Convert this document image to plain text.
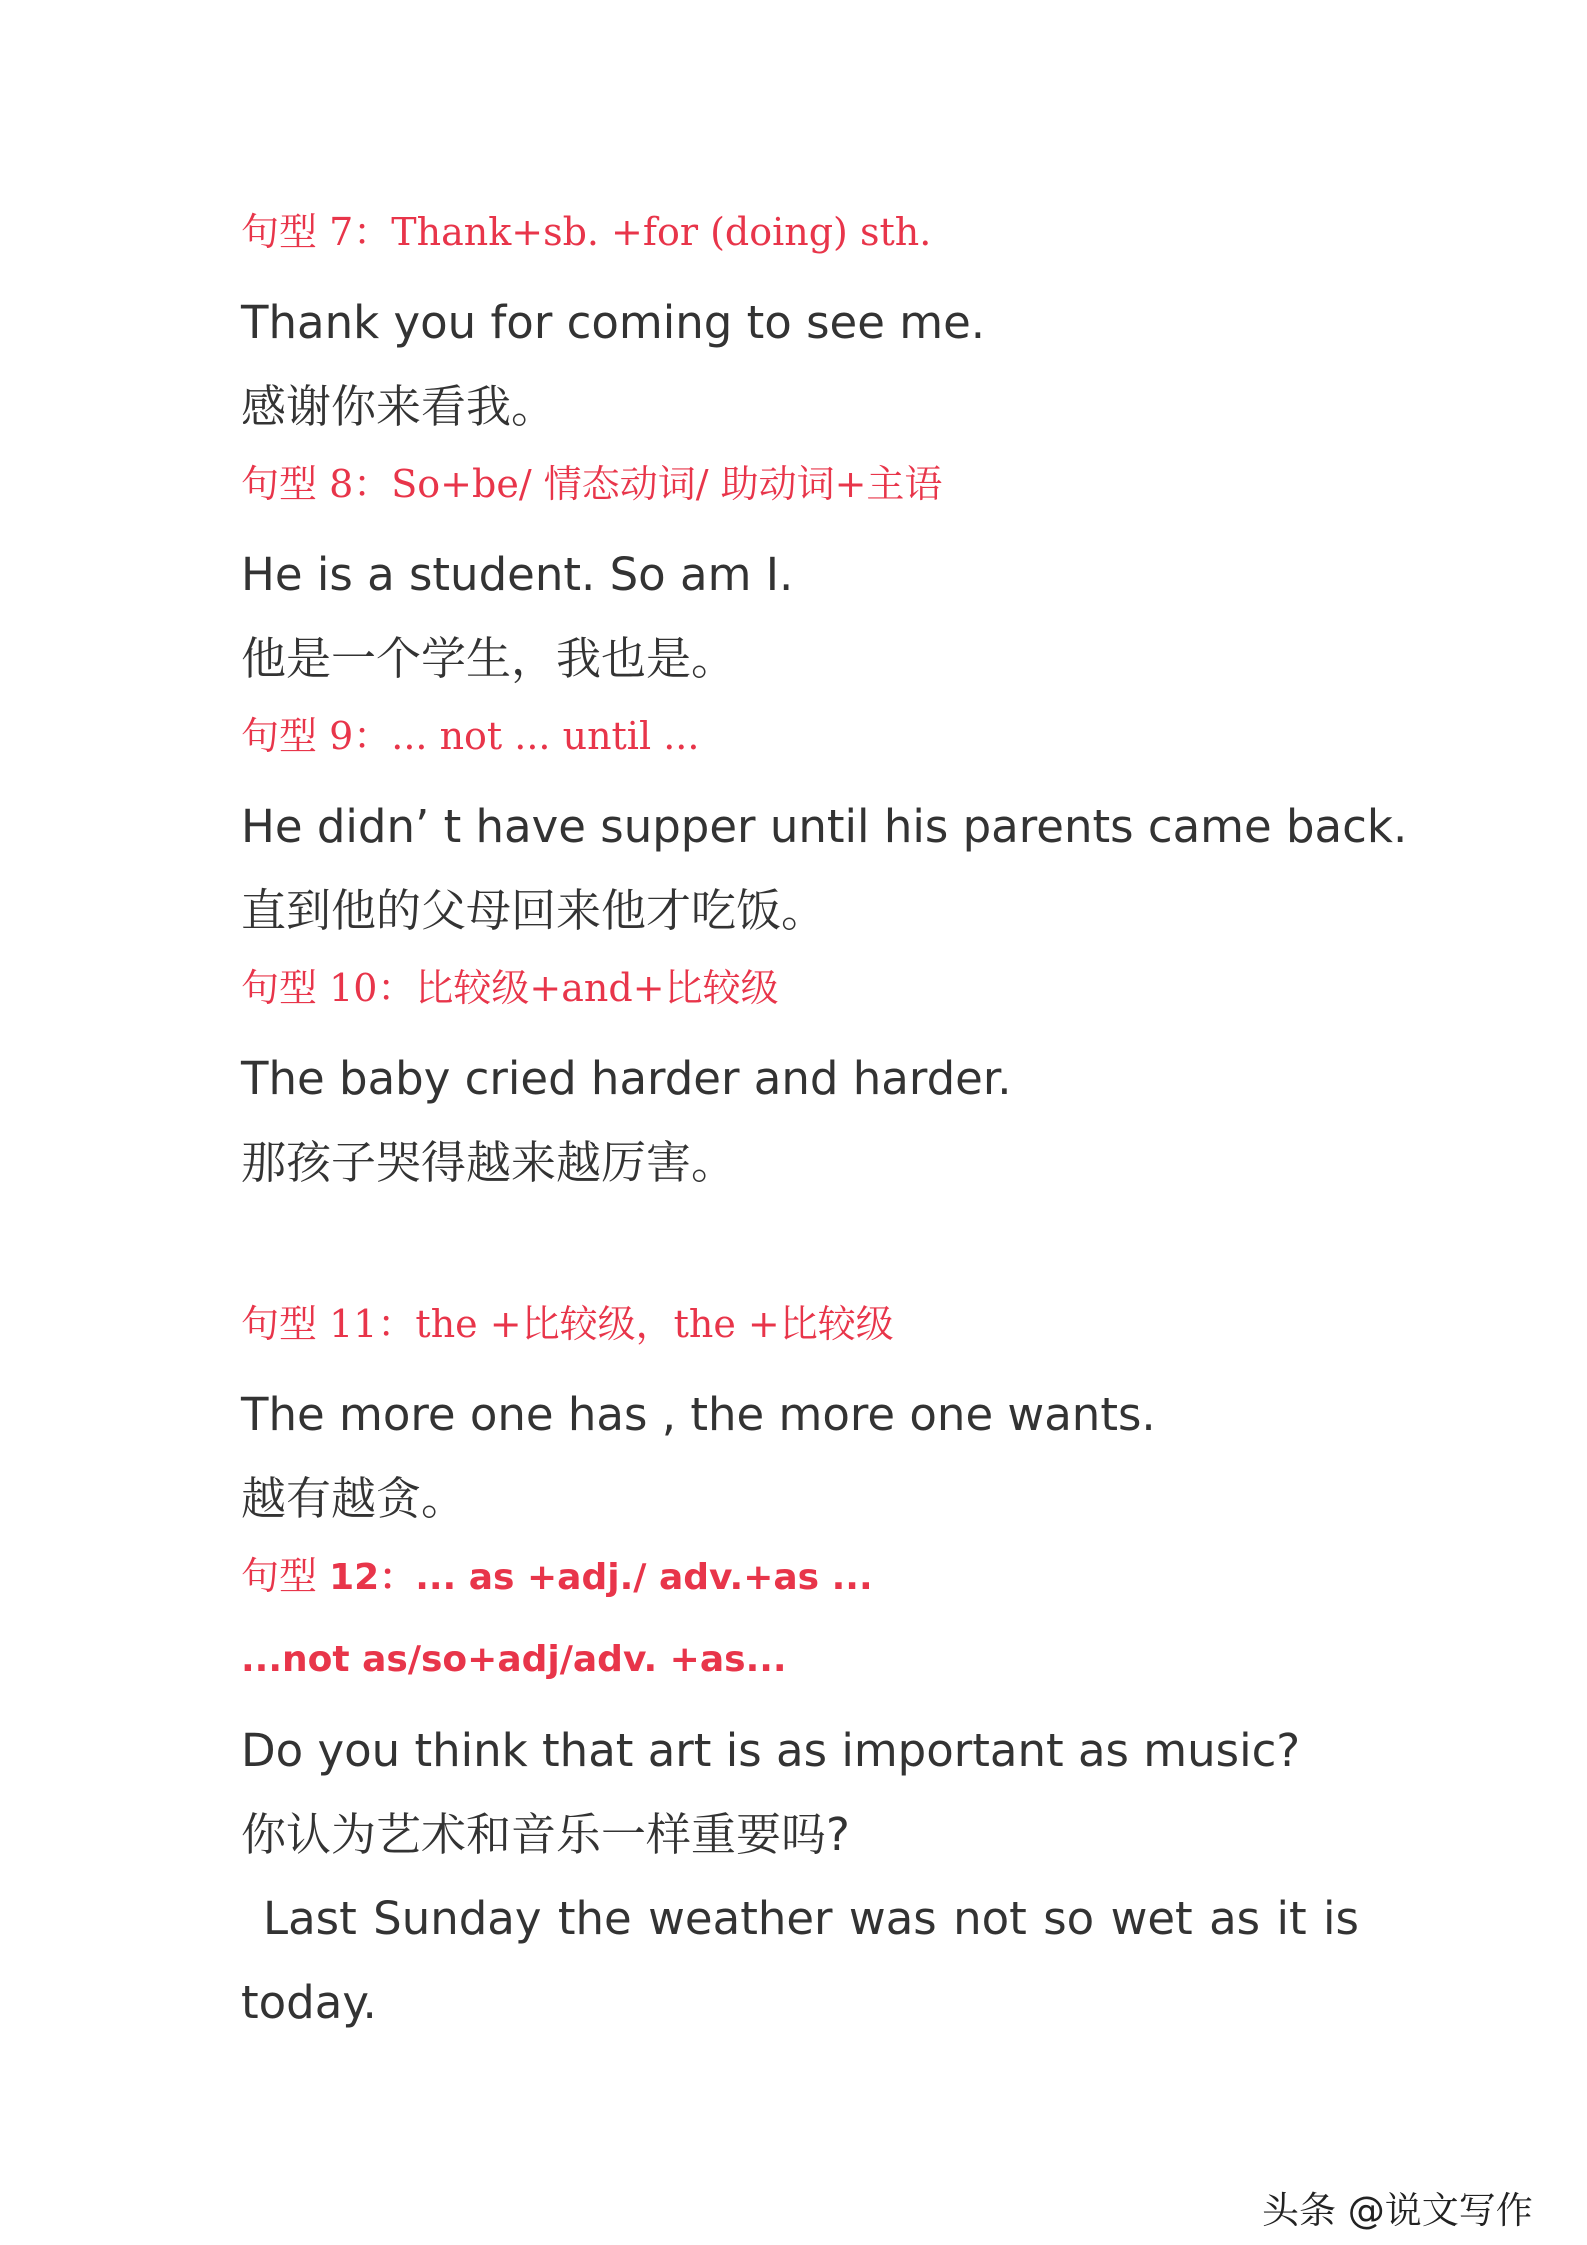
句型 7：Thank+sb. +for (doing) sth.
Thank you for coming to see me.
感谢你来看我。
句型 8：So+be/ 情态动词/ 助动词+主语
He is a student. So am I.
他是一个学生，我也是。
句型 9：... not ... until ...
He didn’ t have supper until his parents came back.
直到他的父母回来他才吃饭。
句型 10：比较级+and+比较级
The baby cried harder and harder.
那孩子哭得越来越厉害。
句型 11：the +比较级，the +比较级
The more one has , the more one wants.
越有越贪。
句型 12：... as +adj./ adv.+as ...
...not as/so+adj/adv. +as...
Do you think that art is as important as music?
你认为艺术和音乐一样重要吗?
Last Sunday the weather was not so wet as it is
today.
头条 @说文写作
